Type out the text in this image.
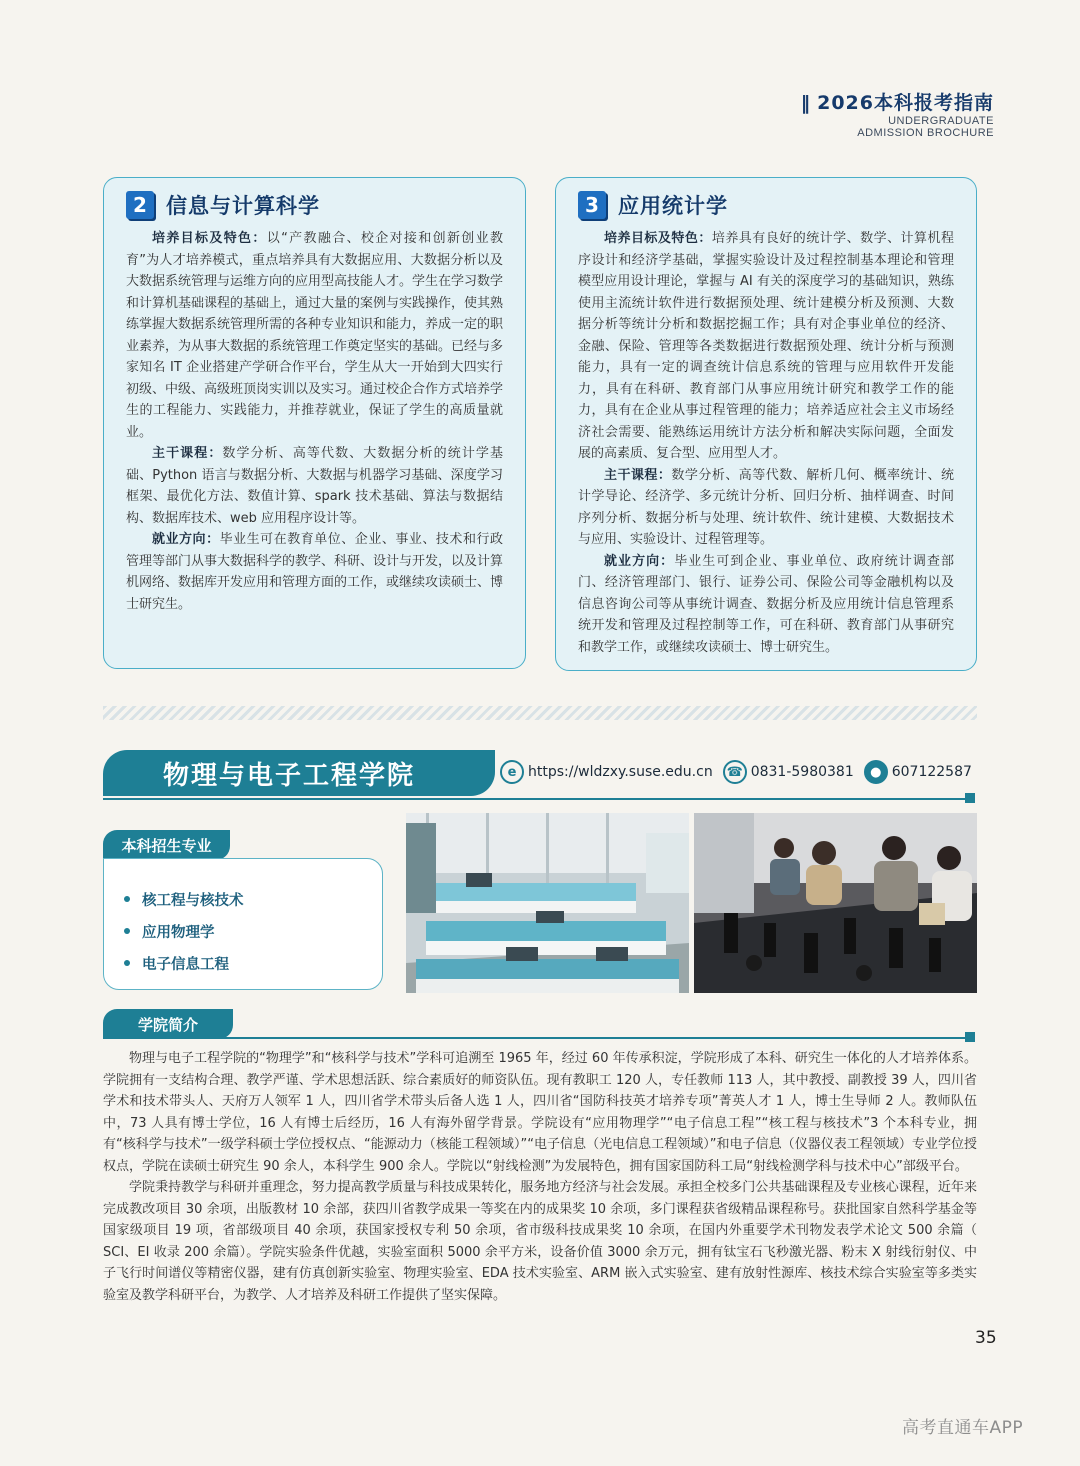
‖ 2026本科报考指南
UNDERGRADUATE
ADMISSION BROCHURE
2 信息与计算科学

培养目标及特色：以“产教融合、校企对接和创新创业教育”为人才培养模式，重点培养具有大数据应用、大数据分析以及大数据系统管理与运维方向的应用型高技能人才。学生在学习数学和计算机基础课程的基础上，通过大量的案例与实践操作，使其熟练掌握大数据系统管理所需的各种专业知识和能力，养成一定的职业素养，为从事大数据的系统管理工作奠定坚实的基础。已经与多家知名 IT 企业搭建产学研合作平台，学生从大一开始到大四实行初级、中级、高级班顶岗实训以及实习。通过校企合作方式培养学生的工程能力、实践能力，并推荐就业，保证了学生的高质量就业。

主干课程：数学分析、高等代数、大数据分析的统计学基础、Python 语言与数据分析、大数据与机器学习基础、深度学习框架、最优化方法、数值计算、spark 技术基础、算法与数据结构、数据库技术、web 应用程序设计等。

就业方向：毕业生可在教育单位、企业、事业、技术和行政管理等部门从事大数据科学的教学、科研、设计与开发，以及计算机网络、数据库开发应用和管理方面的工作，或继续攻读硕士、博士研究生。

3 应用统计学

培养目标及特色：培养具有良好的统计学、数学、计算机程序设计和经济学基础，掌握实验设计及过程控制基本理论和管理模型应用设计理论，掌握与 AI 有关的深度学习的基础知识，熟练使用主流统计软件进行数据预处理、统计建模分析及预测、大数据分析等统计分析和数据挖掘工作；具有对企事业单位的经济、金融、保险、管理等各类数据进行数据预处理、统计分析与预测能力，具有一定的调查统计信息系统的管理与应用软件开发能力，具有在科研、教育部门从事应用统计研究和教学工作的能力，具有在企业从事过程管理的能力；培养适应社会主义市场经济社会需要、能熟练运用统计方法分析和解决实际问题，全面发展的高素质、复合型、应用型人才。

主干课程：数学分析、高等代数、解析几何、概率统计、统计学导论、经济学、多元统计分析、回归分析、抽样调查、时间序列分析、数据分析与处理、统计软件、统计建模、大数据技术与应用、实验设计、过程管理等。

就业方向：毕业生可到企业、事业单位、政府统计调查部门、经济管理部门、银行、证券公司、保险公司等金融机构以及信息咨询公司等从事统计调查、数据分析及应用统计信息管理系统开发和管理及过程控制等工作，可在科研、教育部门从事研究和教学工作，或继续攻读硕士、博士研究生。

物理与电子工程学院	e https://wldzxy.suse.edu.cn ☎ 0831-5980381	● 607122587
本科招生专业
核工程与核技术
应用物理学
电子信息工程
学院简介

物理与电子工程学院的“物理学”和“核科学与技术”学科可追溯至 1965 年，经过 60 年传承积淀，学院形成了本科、研究生一体化的人才培养体系。学院拥有一支结构合理、教学严谨、学术思想活跃、综合素质好的师资队伍。现有教职工 120 人，专任教师 113 人，其中教授、副教授 39 人，四川省学术和技术带头人、天府万人领军 1 人，四川省学术带头后备人选 1 人，四川省“国防科技英才培养专项”菁英人才 1 人，博士生导师 2 人。教师队伍中，73 人具有博士学位，16 人有博士后经历，16 人有海外留学背景。学院设有“应用物理学”“电子信息工程”“核工程与核技术”3 个本科专业，拥有“核科学与技术”一级学科硕士学位授权点、“能源动力（核能工程领域）”“电子信息（光电信息工程领域）”和电子信息（仪器仪表工程领域）专业学位授权点，学院在读硕士研究生 90 余人，本科学生 900 余人。学院以“射线检测”为发展特色，拥有国家国防科工局“射线检测学科与技术中心”部级平台。

学院秉持教学与科研并重理念，努力提高教学质量与科技成果转化，服务地方经济与社会发展。承担全校多门公共基础课程及专业核心课程，近年来完成教改项目 30 余项，出版教材 10 余部，获四川省教学成果一等奖在内的成果奖 10 余项，多门课程获省级精品课程称号。获批国家自然科学基金等国家级项目 19 项，省部级项目 40 余项，获国家授权专利 50 余项，省市级科技成果奖 10 余项，在国内外重要学术刊物发表学术论文 500 余篇（ SCI、EI 收录 200 余篇）。学院实验条件优越，实验室面积 5000 余平方米，设备价值 3000 余万元，拥有钛宝石飞秒激光器、粉末 X 射线衍射仪、中子飞行时间谱仪等精密仪器，建有仿真创新实验室、物理实验室、EDA 技术实验室、ARM 嵌入式实验室、建有放射性源库、核技术综合实验室等多类实验室及教学科研平台，为教学、人才培养及科研工作提供了坚实保障。

35
高考直通车APP
